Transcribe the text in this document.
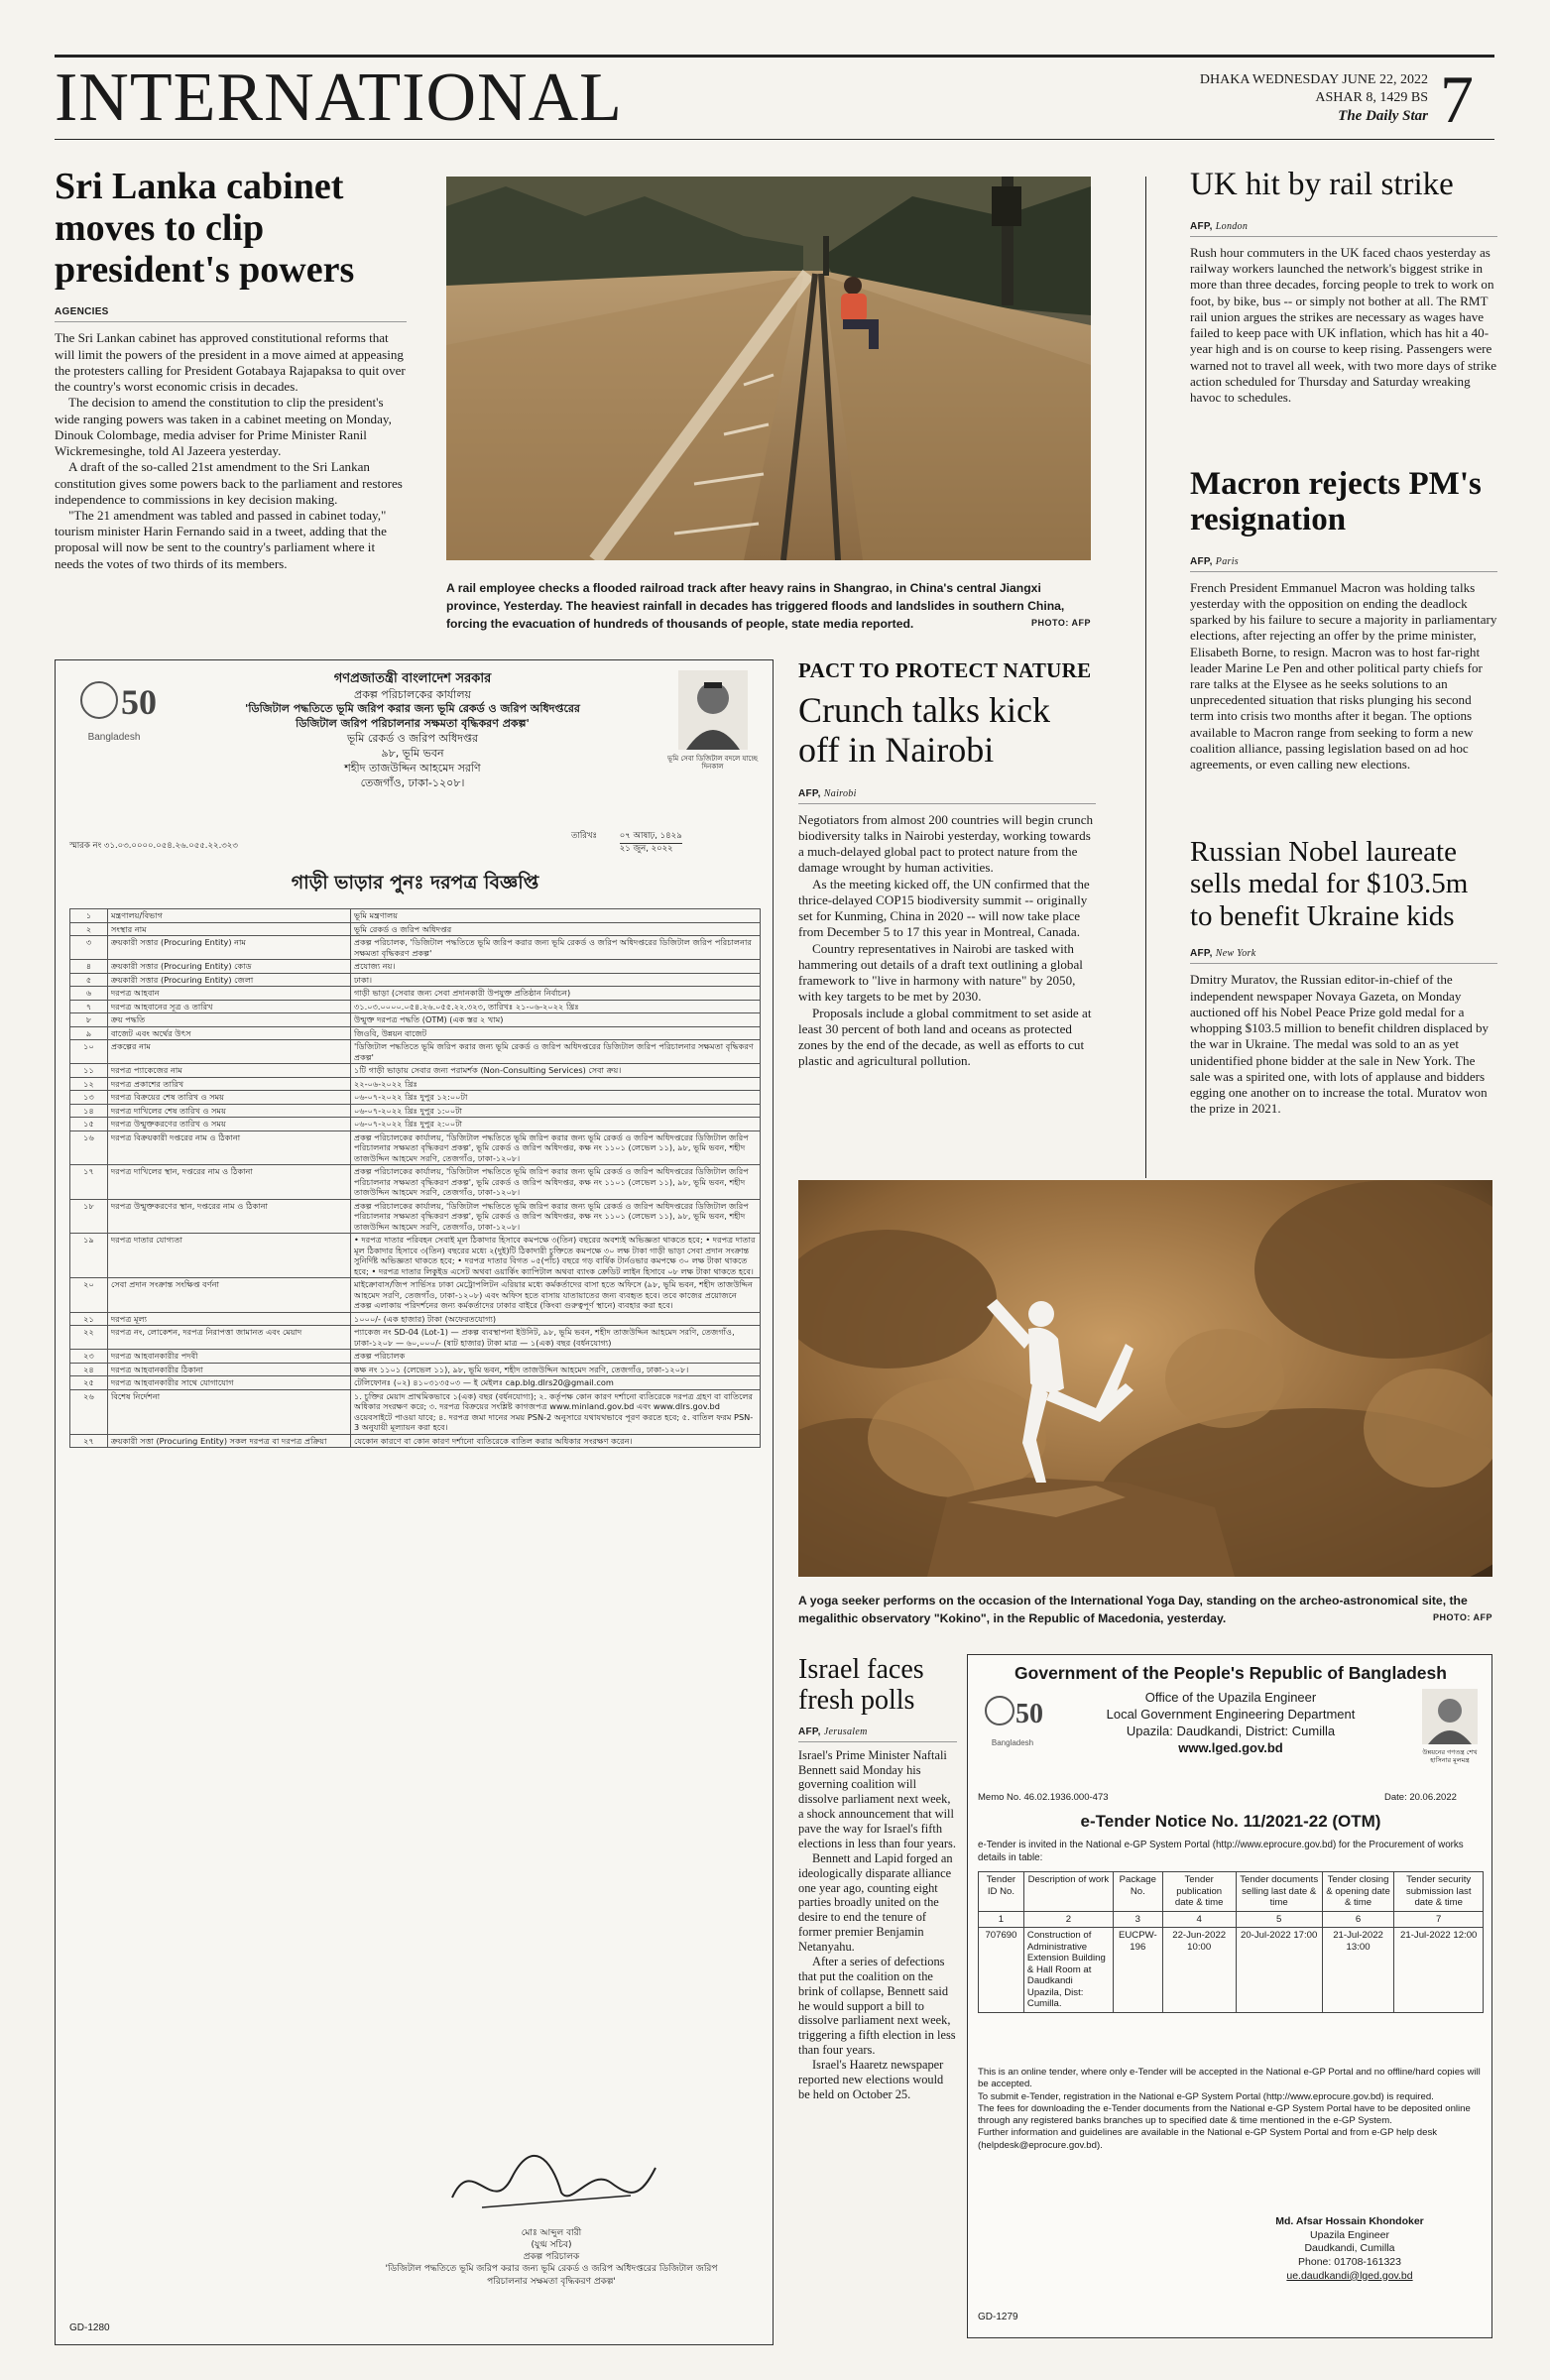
INTERNATIONAL	DHAKA WEDNESDAY JUNE 22, 2022
ASHAR 8, 1429 BS
The Daily Star 7
Sri Lanka cabinet moves to clip president's powers
AGENCIES

The Sri Lankan cabinet has approved constitutional reforms that will limit the powers of the president in a move aimed at appeasing the protesters calling for President Gotabaya Rajapaksa to quit over the country's worst economic crisis in decades.

The decision to amend the constitution to clip the president's wide ranging powers was taken in a cabinet meeting on Monday, Dinouk Colombage, media adviser for Prime Minister Ranil Wickremesinghe, told Al Jazeera yesterday.

A draft of the so-called 21st amendment to the Sri Lankan constitution gives some powers back to the parliament and restores independence to commissions in key decision making.

"The 21 amendment was tabled and passed in cabinet today," tourism minister Harin Fernando said in a tweet, adding that the proposal will now be sent to the country's parliament where it needs the votes of two thirds of its members.

A rail employee checks a flooded railroad track after heavy rains in Shangrao, in China's central Jiangxi province, Yesterday. The heaviest rainfall in decades has triggered floods and landslides in southern China, forcing the evacuation of hundreds of thousands of people, state media reported.	PHOTO: AFP
UK hit by rail strike
AFP, London

Rush hour commuters in the UK faced chaos yesterday as railway workers launched the network's biggest strike in more than three decades, forcing people to trek to work on foot, by bike, bus -- or simply not bother at all. The RMT rail union argues the strikes are necessary as wages have failed to keep pace with UK inflation, which has hit a 40-year high and is on course to keep rising. Passengers were warned not to travel all week, with two more days of strike action scheduled for Thursday and Saturday wreaking havoc to schedules.

Macron rejects PM's resignation
AFP, Paris

French President Emmanuel Macron was holding talks yesterday with the opposition on ending the deadlock sparked by his failure to secure a majority in parliamentary elections, after rejecting an offer by the prime minister, Elisabeth Borne, to resign. Macron was to host far-right leader Marine Le Pen and other political party chiefs for rare talks at the Elysee as he seeks solutions to an unprecedented situation that risks plunging his second term into crisis two months after it began. The options available to Macron range from seeking to form a new coalition alliance, passing legislation based on ad hoc agreements, or even calling new elections.

Russian Nobel laureate sells medal for $103.5m to benefit Ukraine kids
AFP, New York

Dmitry Muratov, the Russian editor-in-chief of the independent newspaper Novaya Gazeta, on Monday auctioned off his Nobel Peace Prize gold medal for a whopping $103.5 million to benefit children displaced by the war in Ukraine. The medal was sold to an as yet unidentified phone bidder at the sale in New York. The sale was a spirited one, with lots of applause and bidders egging one another on to increase the total. Muratov won the prize in 2021.

PACT TO PROTECT NATURE
Crunch talks kick off in Nairobi
AFP, Nairobi

Negotiators from almost 200 countries will begin crunch biodiversity talks in Nairobi yesterday, working towards a much-delayed global pact to protect nature from the damage wrought by human activities.

As the meeting kicked off, the UN confirmed that the thrice-delayed COP15 biodiversity summit -- originally set for Kunming, China in 2020 -- will now take place from December 5 to 17 this year in Montreal, Canada.

Country representatives in Nairobi are tasked with hammering out details of a draft text outlining a global framework to "live in harmony with nature" by 2050, with key targets to be met by 2030.

Proposals include a global commitment to set aside at least 30 percent of both land and oceans as protected zones by the end of the decade, as well as efforts to cut plastic and agricultural pollution.

A yoga seeker performs on the occasion of the International Yoga Day, standing on the archeo-astronomical site, the megalithic observatory "Kokino", in the Republic of Macedonia, yesterday.	PHOTO: AFP
Israel faces fresh polls
AFP, Jerusalem

Israel's Prime Minister Naftali Bennett said Monday his governing coalition will dissolve parliament next week, a shock announcement that will pave the way for Israel's fifth elections in less than four years.

Bennett and Lapid forged an ideologically disparate alliance one year ago, counting eight parties broadly united on the desire to end the tenure of former premier Benjamin Netanyahu.

After a series of defections that put the coalition on the brink of collapse, Bennett said he would support a bill to dissolve parliament next week, triggering a fifth election in less than four years.

Israel's Haaretz newspaper reported new elections would be held on October 25.

50
Bangladesh
ভূমি সেবা ডিজিটাল বদলে যাচ্ছে দিনকাল
গণপ্রজাতন্ত্রী বাংলাদেশ সরকার
প্রকল্প পরিচালকের কার্যালয়
'ডিজিটাল পদ্ধতিতে ভূমি জরিপ করার জন্য ভূমি রেকর্ড ও জরিপ অধিদপ্তরের
ডিজিটাল জরিপ পরিচালনার সক্ষমতা বৃদ্ধিকরণ প্রকল্প'
ভূমি রেকর্ড ও জরিপ অধিদপ্তর
৯৮, ভূমি ভবন
শহীদ তাজউদ্দিন আহমেদ সরণি
তেজগাঁও, ঢাকা-১২০৮।
স্মারক নং ৩১.০৩.০০০০.০৫৪.২৬.০৫৫.২২.৩২৩
তারিখঃ	০৭ আষাঢ়, ১৪২৯
২১ জুন, ২০২২
গাড়ী ভাড়ার পুনঃ দরপত্র বিজ্ঞপ্তি
১	মন্ত্রণালয়/বিভাগ	ভূমি মন্ত্রণালয়
২	সংস্থার নাম	ভূমি রেকর্ড ও জরিপ অধিদপ্তর
৩	ক্রয়কারী সত্তার (Procuring Entity) নাম	প্রকল্প পরিচালক, 'ডিজিটাল পদ্ধতিতে ভূমি জরিপ করার জন্য ভূমি রেকর্ড ও জরিপ অধিদপ্তরের ডিজিটাল জরিপ পরিচালনার সক্ষমতা বৃদ্ধিকরণ প্রকল্প'
৪	ক্রয়কারী সত্তার (Procuring Entity) কোড	প্রযোজ্য নয়।
৫	ক্রয়কারী সত্তার (Procuring Entity) জেলা	ঢাকা।
৬	দরপত্র আহবান	গাড়ী ভাড়া (সেবার জন্য সেবা প্রদানকারী উপযুক্ত প্রতিষ্ঠান নির্বাচন)
৭	দরপত্র আহবানের সূত্র ও তারিখ	৩১.০৩.০০০০.০৫৪.২৬.০৫৫.২২.৩২৩, তারিখঃ ২১-০৬-২০২২ খ্রিঃ
৮	ক্রয় পদ্ধতি	উন্মুক্ত দরপত্র পদ্ধতি (OTM) (এক স্তর ২ খাম)
৯	বাজেট এবং অর্থের উৎস	জিওবি, উন্নয়ন বাজেট
১০	প্রকল্পের নাম	'ডিজিটাল পদ্ধতিতে ভূমি জরিপ করার জন্য ভূমি রেকর্ড ও জরিপ অধিদপ্তরের ডিজিটাল জরিপ পরিচালনার সক্ষমতা বৃদ্ধিকরণ প্রকল্প'
১১	দরপত্র প্যাকেজের নাম	১টি গাড়ী ভাড়ায় সেবার জন্য পরামর্শক (Non-Consulting Services) সেবা ক্রয়।
১২	দরপত্র প্রকাশের তারিখ	২২-০৬-২০২২ খ্রিঃ
১৩	দরপত্র বিক্রয়ের শেষ তারিখ ও সময়	০৬-০৭-২০২২ খ্রিঃ দুপুর ১২:০০টা
১৪	দরপত্র দাখিলের শেষ তারিখ ও সময়	০৬-০৭-২০২২ খ্রিঃ দুপুর ১:০০টা
১৫	দরপত্র উন্মুক্তকরণের তারিখ ও সময়	০৬-০৭-২০২২ খ্রিঃ দুপুর ২:০০টা
১৬	দরপত্র বিক্রয়কারী দপ্তরের নাম ও ঠিকানা	প্রকল্প পরিচালকের কার্যালয়, 'ডিজিটাল পদ্ধতিতে ভূমি জরিপ করার জন্য ভূমি রেকর্ড ও জরিপ অধিদপ্তরের ডিজিটাল জরিপ পরিচালনার সক্ষমতা বৃদ্ধিকরণ প্রকল্প', ভূমি রেকর্ড ও জরিপ অধিদপ্তর, কক্ষ নং ১১০১ (লেভেল ১১), ৯৮, ভূমি ভবন, শহীদ তাজউদ্দিন আহমেদ সরণি, তেজগাঁও, ঢাকা-১২০৮।
১৭	দরপত্র দাখিলের স্থান, দপ্তরের নাম ও ঠিকানা	প্রকল্প পরিচালকের কার্যালয়, 'ডিজিটাল পদ্ধতিতে ভূমি জরিপ করার জন্য ভূমি রেকর্ড ও জরিপ অধিদপ্তরের ডিজিটাল জরিপ পরিচালনার সক্ষমতা বৃদ্ধিকরণ প্রকল্প', ভূমি রেকর্ড ও জরিপ অধিদপ্তর, কক্ষ নং ১১০১ (লেভেল ১১), ৯৮, ভূমি ভবন, শহীদ তাজউদ্দিন আহমেদ সরণি, তেজগাঁও, ঢাকা-১২০৮।
১৮	দরপত্র উন্মুক্তকরণের স্থান, দপ্তরের নাম ও ঠিকানা	প্রকল্প পরিচালকের কার্যালয়, 'ডিজিটাল পদ্ধতিতে ভূমি জরিপ করার জন্য ভূমি রেকর্ড ও জরিপ অধিদপ্তরের ডিজিটাল জরিপ পরিচালনার সক্ষমতা বৃদ্ধিকরণ প্রকল্প', ভূমি রেকর্ড ও জরিপ অধিদপ্তর, কক্ষ নং ১১০১ (লেভেল ১১), ৯৮, ভূমি ভবন, শহীদ তাজউদ্দিন আহমেদ সরণি, তেজগাঁও, ঢাকা-১২০৮।
১৯	দরপত্র দাতার যোগ্যতা	• দরপত্র দাতার পরিবহন সেবাই মূল ঠিকাদার হিসাবে কমপক্ষে ৩(তিন) বছরের অবশ্যই অভিজ্ঞতা থাকতে হবে; • দরপত্র দাতার মূল ঠিকাদার হিসাবে ৩(তিন) বছরের মধ্যে ২(দুই)টি ঠিকাদারী চুক্তিতে কমপক্ষে ৩০ লক্ষ টাকা গাড়ী ভাড়া সেবা প্রদান সংক্রান্ত সুনির্দিষ্ট অভিজ্ঞতা থাকতে হবে; • দরপত্র দাতার বিগত ০৫(পাঁচ) বছরে গড় বার্ষিক টার্নওভার কমপক্ষে ৩০ লক্ষ টাকা থাকতে হবে; • দরপত্র দাতার লিকুইড এসেট অথবা ওয়ার্কিং ক্যাপিটাল অথবা ব্যাংক ক্রেডিট লাইন হিসাবে ০৮ লক্ষ টাকা থাকতে হবে।
২০	সেবা প্রদান সংক্রান্ত সংক্ষিপ্ত বর্ণনা	মাইক্রোবাস/জিপ সার্ভিসঃ ঢাকা মেট্রোপলিটন এরিয়ার মধ্যে কর্মকর্তাদের বাসা হতে অফিসে (৯৮, ভূমি ভবন, শহীদ তাজউদ্দিন আহমেদ সরণি, তেজগাঁও, ঢাকা-১২০৮) এবং অফিস হতে বাসায় যাতায়াতের জন্য ব্যবহৃত হবে। তবে কাজের প্রয়োজনে প্রকল্প এলাকায় পরিদর্শনের জন্য কর্মকর্তাদের ঢাকার বাইরে (কিংবা গুরুত্বপূর্ণ স্থানে) ব্যবহার করা হবে।
২১	দরপত্র মূল্য	১০০০/- (এক হাজার) টাকা (অফেরতযোগ্য)
২২	দরপত্র নং, লোকেশন, দরপত্র নিরাপত্তা জামানত এবং মেয়াদ	প্যাকেজ নং SD-04 (Lot-1) — প্রকল্প ব্যবস্থাপনা ইউনিট, ৯৮, ভূমি ভবন, শহীদ তাজউদ্দিন আহমেদ সরণি, তেজগাঁও, ঢাকা-১২০৮ — ৬০,০০০/- (ষাট হাজার) টাকা মাত্র — ১(এক) বছর (বর্ধনযোগ্য)
২৩	দরপত্র আহবানকারীর পদবী	প্রকল্প পরিচালক
২৪	দরপত্র আহবানকারীর ঠিকানা	কক্ষ নং ১১০১ (লেভেল ১১), ৯৮, ভূমি ভবন, শহীদ তাজউদ্দিন আহমেদ সরণি, তেজগাঁও, ঢাকা-১২০৮।
২৫	দরপত্র আহবানকারীর সাথে যোগাযোগ	টেলিফোনঃ (০২) ৪১০৩১৩৫০৩ — ই মেইলঃ cap.blg.dlrs20@gmail.com
২৬	বিশেষ নির্দেশনা	১. চুক্তির মেয়াদ প্রাথমিকভাবে ১(এক) বছর (বর্ধনযোগ্য); ২. কর্তৃপক্ষ কোন কারণ দর্শানো ব্যতিরেকে দরপত্র গ্রহণ বা বাতিলের অধিকার সংরক্ষণ করে; ৩. দরপত্র বিক্রয়ের সংশ্লিষ্ট কাগজপত্র www.minland.gov.bd এবং www.dlrs.gov.bd ওয়েবসাইটে পাওয়া যাবে; ৪. দরপত্র জমা দানের সময় PSN-2 অনুসারে যথাযথভাবে পূরণ করতে হবে; ৫. বাতিল ফরম PSN-3 অনুযায়ী মূল্যায়ন করা হবে।
২৭	ক্রয়কারী সত্তা (Procuring Entity) সকল দরপত্র বা দরপত্র প্রক্রিয়া	যেকোন কারণে বা কোন কারণ দর্শানো ব্যতিরেকে বাতিল করার অধিকার সংরক্ষণ করেন।
মোঃ আব্দুল বারী
(যুগ্ম সচিব)
প্রকল্প পরিচালক
'ডিজিটাল পদ্ধতিতে ভূমি জরিপ করার জন্য ভূমি রেকর্ড ও জরিপ অধিদপ্তরের ডিজিটাল জরিপ পরিচালনার সক্ষমতা বৃদ্ধিকরণ প্রকল্প'
GD-1280
Government of the People's Republic of Bangladesh
50
Bangladesh
Office of the Upazila Engineer
Local Government Engineering Department
Upazila: Daudkandi, District: Cumilla
www.lged.gov.bd	উন্নয়নের গণতন্ত্র শেখ হাসিনার মূলমন্ত্র
Memo No. 46.02.1936.000-473	Date: 20.06.2022
e-Tender Notice No. 11/2021-22 (OTM)
e-Tender is invited in the National e-GP System Portal (http://www.eprocure.gov.bd) for the Procurement of works details in table:
Tender ID No.	Description of work	Package No.	Tender publication date & time	Tender documents selling last date & time	Tender closing & opening date & time	Tender security submission last date & time
1	2	3	4	5	6	7
707690	Construction of Administrative Extension Building & Hall Room at Daudkandi Upazila, Dist: Cumilla.	EUCPW-196	22-Jun-2022 10:00	20-Jul-2022 17:00	21-Jul-2022 13:00	21-Jul-2022 12:00
This is an online tender, where only e-Tender will be accepted in the National e-GP Portal and no offline/hard copies will be accepted.
To submit e-Tender, registration in the National e-GP System Portal (http://www.eprocure.gov.bd) is required.
The fees for downloading the e-Tender documents from the National e-GP System Portal have to be deposited online through any registered banks branches up to specified date & time mentioned in the e-GP System.
Further information and guidelines are available in the National e-GP System Portal and from e-GP help desk (helpdesk@eprocure.gov.bd).
Md. Afsar Hossain Khondoker
Upazila Engineer
Daudkandi, Cumilla
Phone: 01708-161323
ue.daudkandi@lged.gov.bd
GD-1279
